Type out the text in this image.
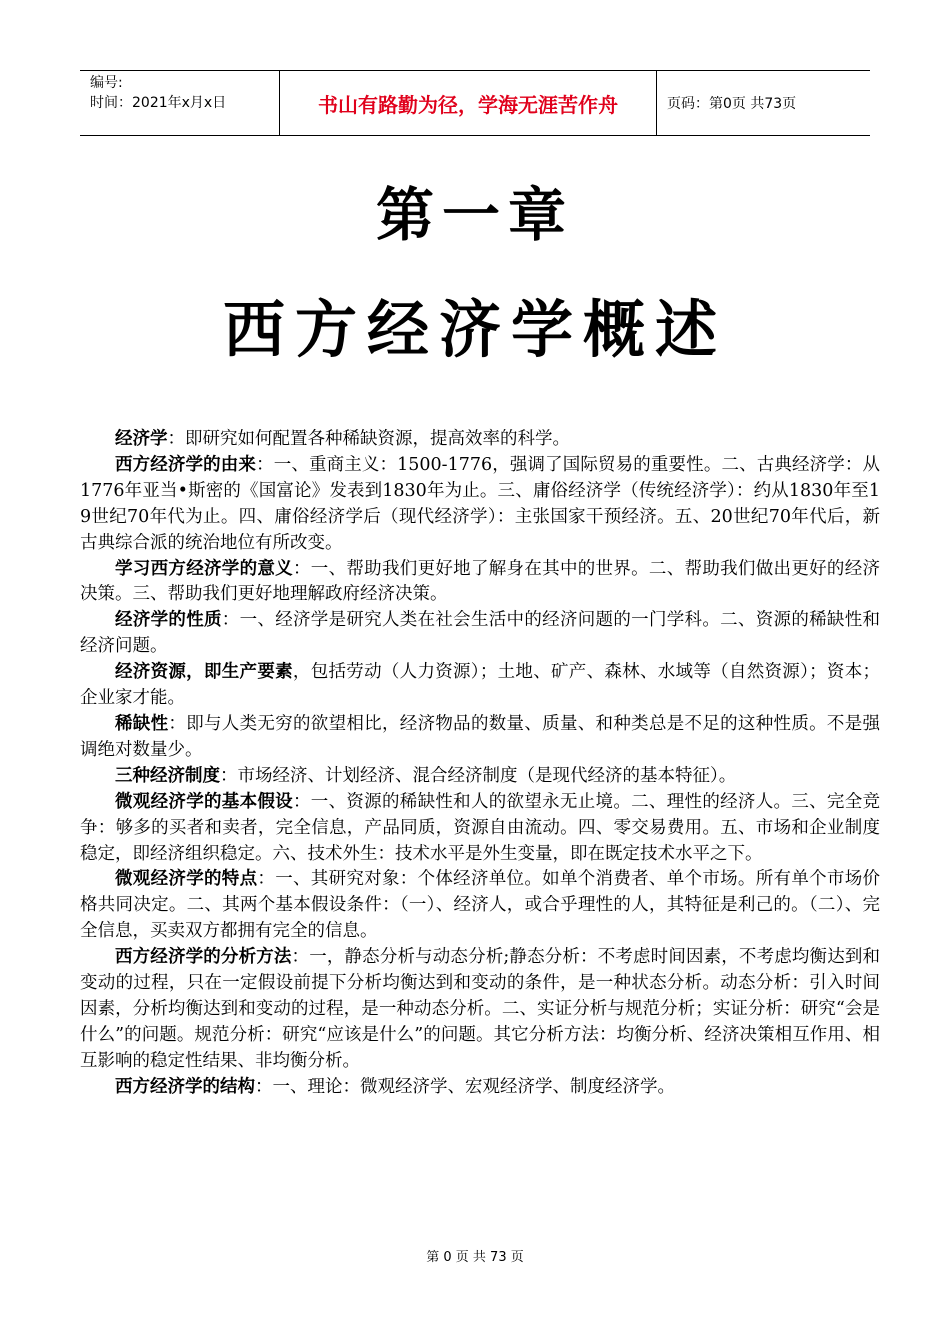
编号:
时间：2021年x月x日	书山有路勤为径，学海无涯苦作舟	页码：第0页 共73页
第一章
西方经济学概述

经济学：即研究如何配置各种稀缺资源，提高效率的科学。

西方经济学的由来：一、重商主义：1500-1776，强调了国际贸易的重要性。二、古典经济学：从1776年亚当•斯密的《国富论》发表到1830年为止。三、庸俗经济学（传统经济学）：约从1830年至19世纪70年代为止。四、庸俗经济学后（现代经济学）：主张国家干预经济。五、20世纪70年代后，新古典综合派的统治地位有所改变。

学习西方经济学的意义：一、帮助我们更好地了解身在其中的世界。二、帮助我们做出更好的经济决策。三、帮助我们更好地理解政府经济决策。

经济学的性质：一、经济学是研究人类在社会生活中的经济问题的一门学科。二、资源的稀缺性和经济问题。

经济资源，即生产要素，包括劳动（人力资源）；土地、矿产、森林、水域等（自然资源）；资本；企业家才能。

稀缺性：即与人类无穷的欲望相比，经济物品的数量、质量、和种类总是不足的这种性质。不是强调绝对数量少。

三种经济制度：市场经济、计划经济、混合经济制度（是现代经济的基本特征）。

微观经济学的基本假设：一、资源的稀缺性和人的欲望永无止境。二、理性的经济人。三、完全竞争：够多的买者和卖者，完全信息，产品同质，资源自由流动。四、零交易费用。五、市场和企业制度稳定，即经济组织稳定。六、技术外生：技术水平是外生变量，即在既定技术水平之下。

微观经济学的特点：一、其研究对象：个体经济单位。如单个消费者、单个市场。所有单个市场价格共同决定。二、其两个基本假设条件：（一）、经济人，或合乎理性的人，其特征是利己的。（二）、完全信息，买卖双方都拥有完全的信息。

西方经济学的分析方法：一，静态分析与动态分析;静态分析：不考虑时间因素，不考虑均衡达到和变动的过程，只在一定假设前提下分析均衡达到和变动的条件，是一种状态分析。动态分析：引入时间因素，分析均衡达到和变动的过程，是一种动态分析。二、实证分析与规范分析；实证分析：研究“会是什么”的问题。规范分析：研究“应该是什么”的问题。其它分析方法：均衡分析、经济决策相互作用、相互影响的稳定性结果、非均衡分析。

西方经济学的结构：一、理论：微观经济学、宏观经济学、制度经济学。

第 0 页 共 73 页
